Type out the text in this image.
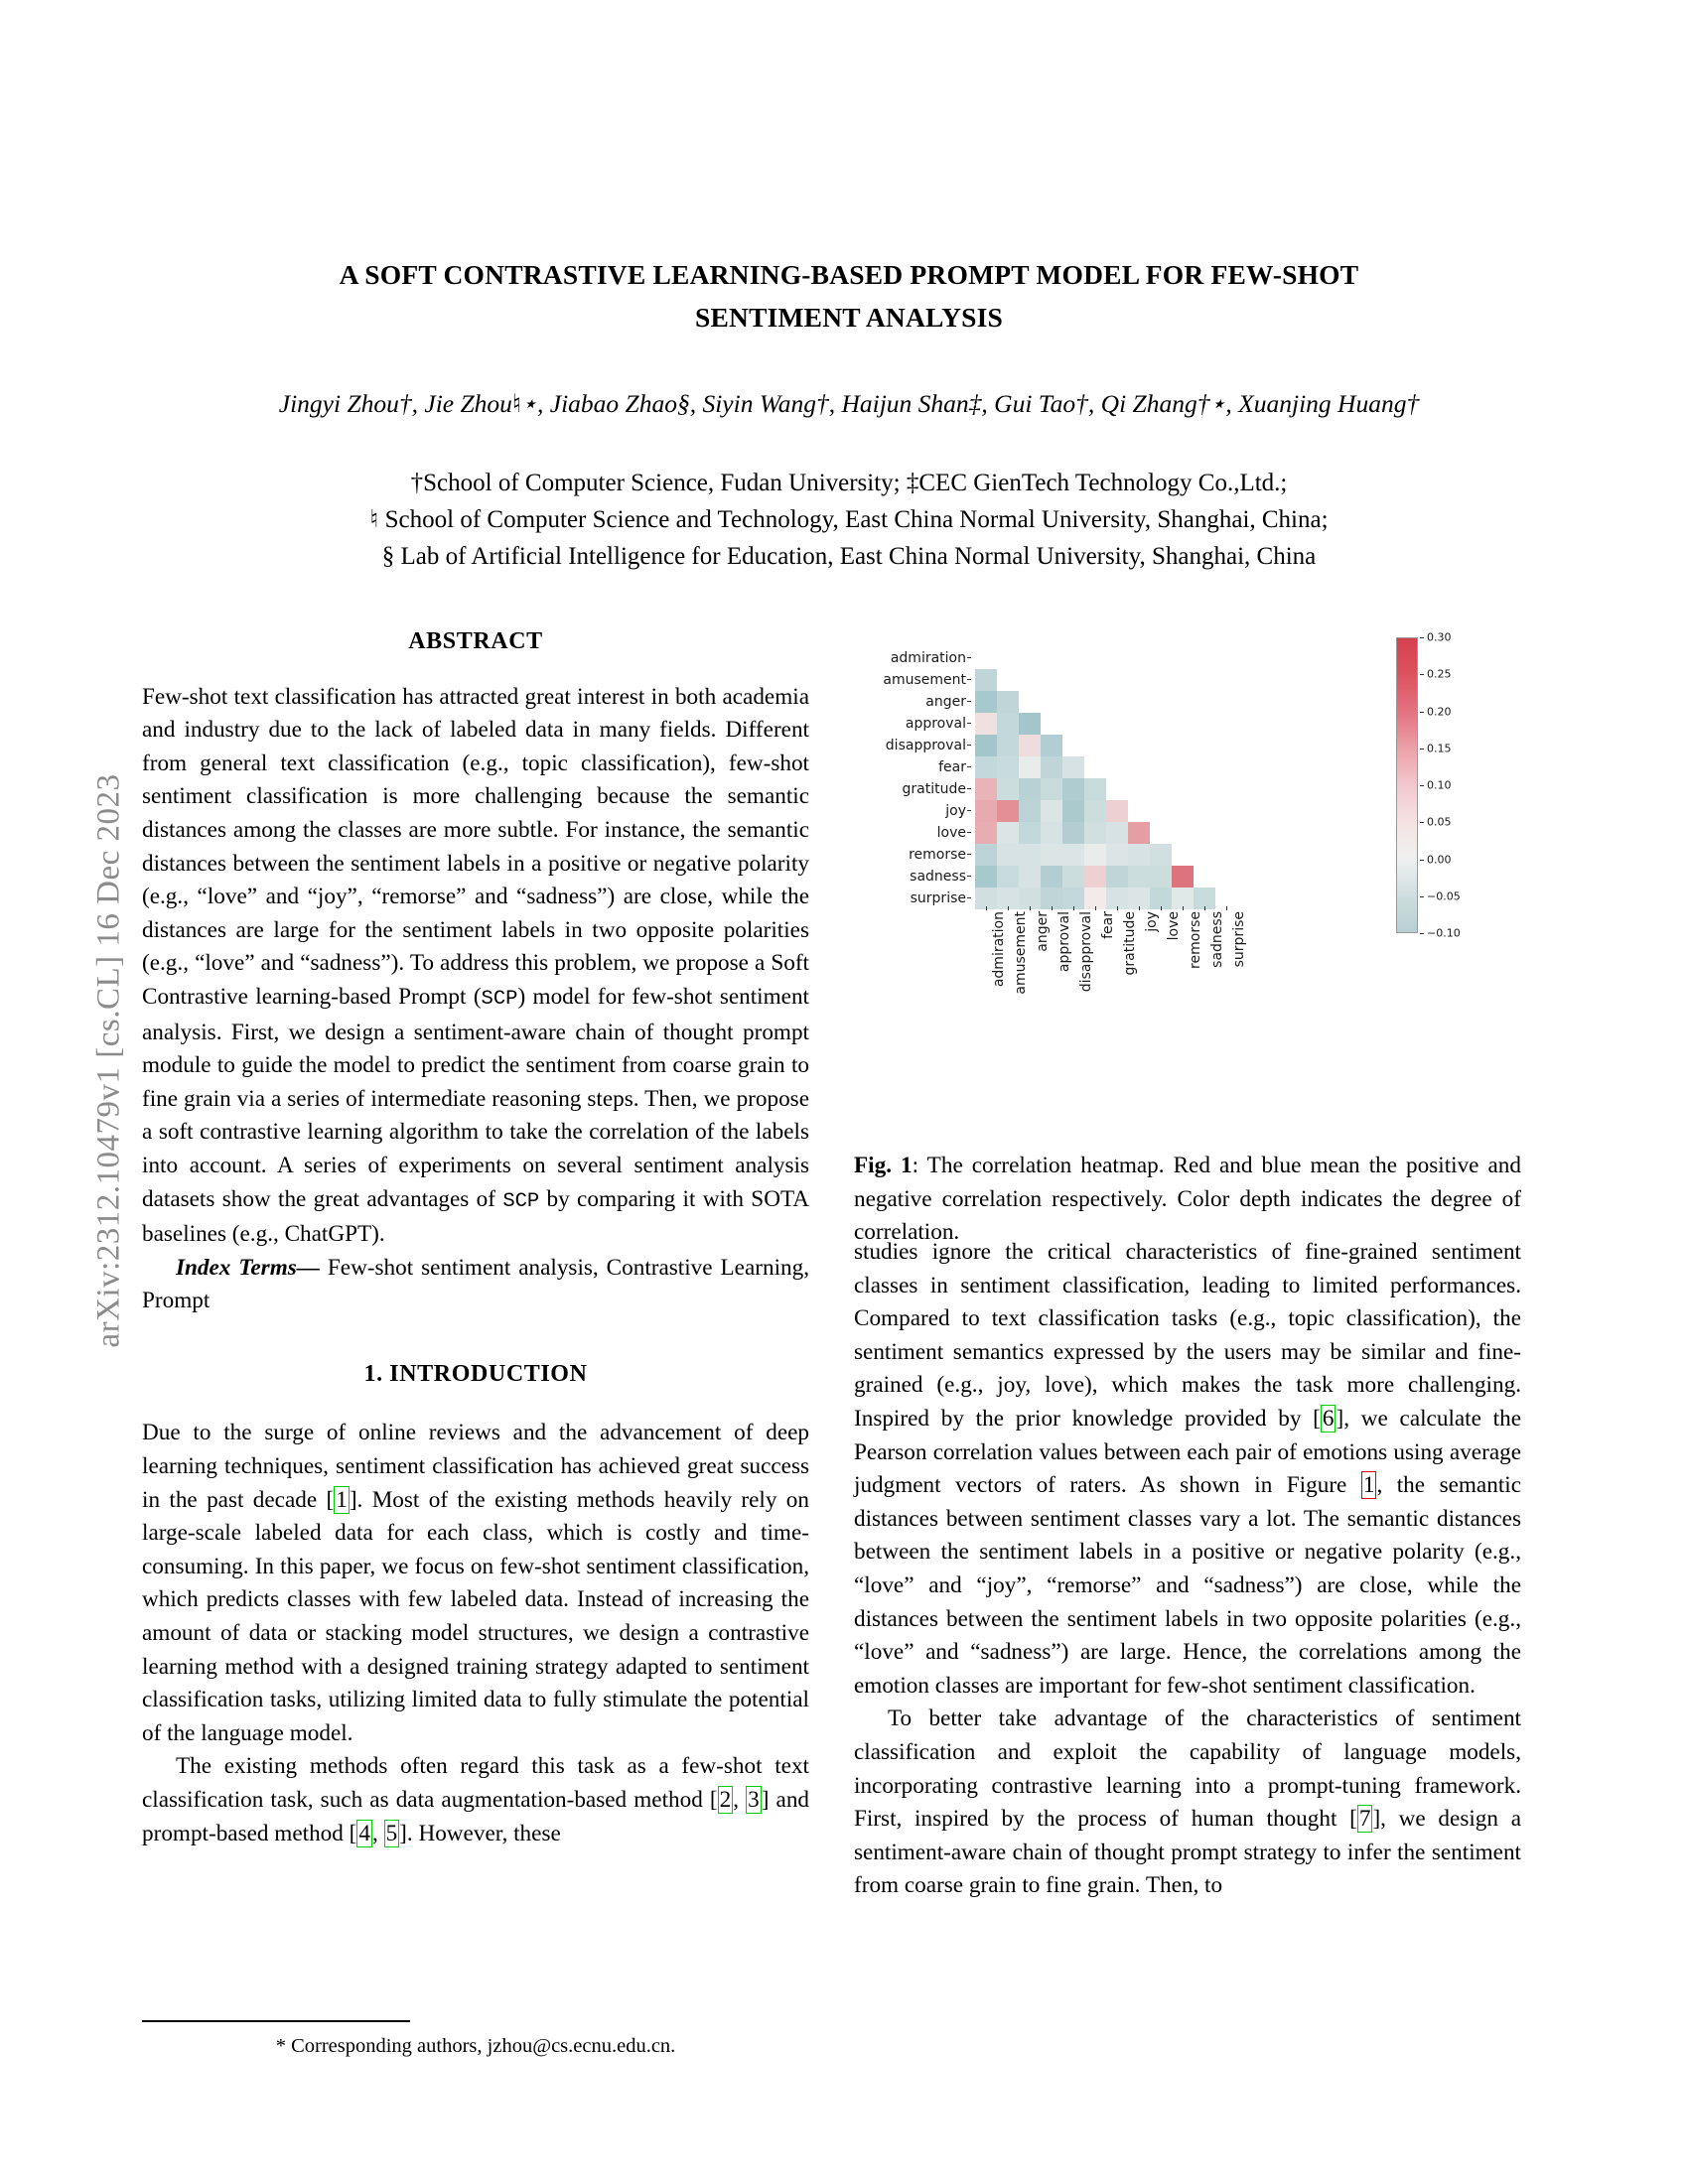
arXiv:2312.10479v1 [cs.CL] 16 Dec 2023
A SOFT CONTRASTIVE LEARNING-BASED PROMPT MODEL FOR FEW-SHOT
SENTIMENT ANALYSIS
Jingyi Zhou†, Jie Zhou♮⋆, Jiabao Zhao§, Siyin Wang†, Haijun Shan‡, Gui Tao†, Qi Zhang†⋆, Xuanjing Huang†
†School of Computer Science, Fudan University; ‡CEC GienTech Technology Co.,Ltd.;
♮ School of Computer Science and Technology, East China Normal University, Shanghai, China;
§ Lab of Artificial Intelligence for Education, East China Normal University, Shanghai, China
ABSTRACT

Few-shot text classification has attracted great interest in both academia and industry due to the lack of labeled data in many fields. Different from general text classification (e.g., topic classification), few-shot sentiment classification is more challenging because the semantic distances among the classes are more subtle. For instance, the semantic distances between the sentiment labels in a positive or negative polarity (e.g., “love” and “joy”, “remorse” and “sadness”) are close, while the distances are large for the sentiment labels in two opposite polarities (e.g., “love” and “sadness”). To address this problem, we propose a Soft Contrastive learning-based Prompt (SCP) model for few-shot sentiment analysis. First, we design a sentiment-aware chain of thought prompt module to guide the model to predict the sentiment from coarse grain to fine grain via a series of intermediate reasoning steps. Then, we propose a soft contrastive learning algorithm to take the correlation of the labels into account. A series of experiments on several sentiment analysis datasets show the great advantages of SCP by comparing it with SOTA baselines (e.g., ChatGPT).

Index Terms— Few-shot sentiment analysis, Contrastive Learning, Prompt

1. INTRODUCTION

Due to the surge of online reviews and the advancement of deep learning techniques, sentiment classification has achieved great success in the past decade [1]. Most of the existing methods heavily rely on large-scale labeled data for each class, which is costly and time-consuming. In this paper, we focus on few-shot sentiment classification, which predicts classes with few labeled data. Instead of increasing the amount of data or stacking model structures, we design a contrastive learning method with a designed training strategy adapted to sentiment classification tasks, utilizing limited data to fully stimulate the potential of the language model.

The existing methods often regard this task as a few-shot text classification task, such as data augmentation-based method [2, 3] and prompt-based method [4, 5]. However, these

* Corresponding authors, jzhou@cs.ecnu.edu.cn.
admiration
amusement
anger
approval
disapproval
fear
gratitude
joy
love
remorse
sadness
surprise
admiration amusement anger approval disapproval fear gratitude joy love remorse sadness surprise
0.30
0.25
0.20
0.15
0.10
0.05
0.00
−0.05
−0.10
Fig. 1: The correlation heatmap. Red and blue mean the positive and negative correlation respectively. Color depth indicates the degree of correlation.

studies ignore the critical characteristics of fine-grained sentiment classes in sentiment classification, leading to limited performances. Compared to text classification tasks (e.g., topic classification), the sentiment semantics expressed by the users may be similar and fine-grained (e.g., joy, love), which makes the task more challenging. Inspired by the prior knowledge provided by [6], we calculate the Pearson correlation values between each pair of emotions using average judgment vectors of raters. As shown in Figure 1, the semantic distances between sentiment classes vary a lot. The semantic distances between the sentiment labels in a positive or negative polarity (e.g., “love” and “joy”, “remorse” and “sadness”) are close, while the distances between the sentiment labels in two opposite polarities (e.g., “love” and “sadness”) are large. Hence, the correlations among the emotion classes are important for few-shot sentiment classification.

To better take advantage of the characteristics of sentiment classification and exploit the capability of language models, incorporating contrastive learning into a prompt-tuning framework. First, inspired by the process of human thought [7], we design a sentiment-aware chain of thought prompt strategy to infer the sentiment from coarse grain to fine grain. Then, to
